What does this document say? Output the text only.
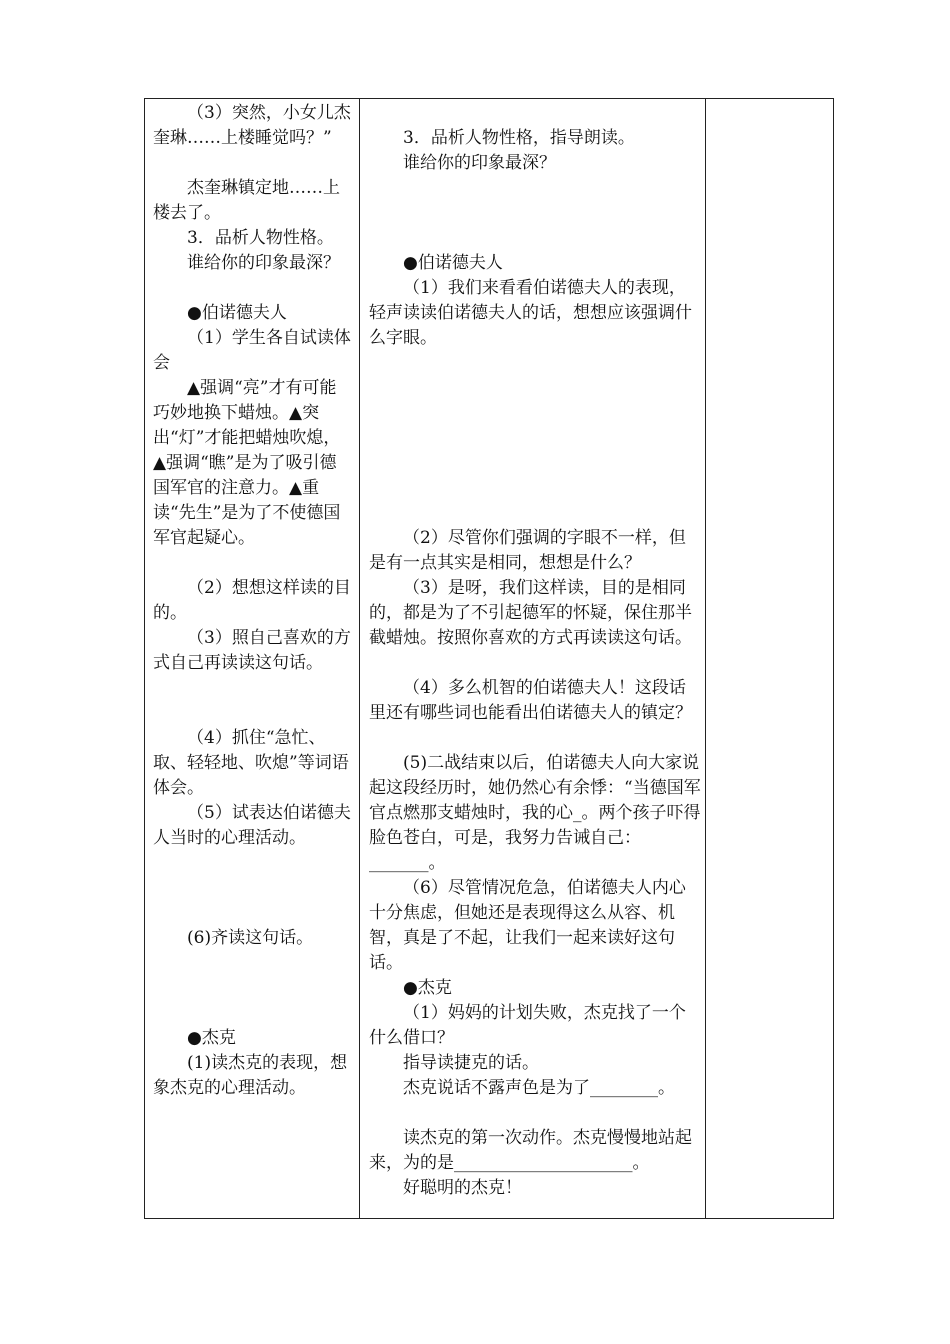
（3）突然，小女儿杰奎琳……上楼睡觉吗？”

杰奎琳镇定地……上楼去了。

3．品析人物性格。

谁给你的印象最深？

●伯诺德夫人

（1）学生各自试读体会

▲强调“亮”才有可能巧妙地换下蜡烛。▲突出“灯”才能把蜡烛吹熄，▲强调“瞧”是为了吸引德国军官的注意力。▲重读“先生”是为了不使德国军官起疑心。

（2）想想这样读的目的。

（3）照自己喜欢的方式自己再读读这句话。

（4）抓住“急忙、取、轻轻地、吹熄”等词语体会。

（5）试表达伯诺德夫人当时的心理活动。

(6)齐读这句话。

●杰克

(1)读杰克的表现，想象杰克的心理活动。

3．品析人物性格，指导朗读。

谁给你的印象最深？

●伯诺德夫人

（1）我们来看看伯诺德夫人的表现，轻声读读伯诺德夫人的话，想想应该强调什么字眼。

（2）尽管你们强调的字眼不一样，但是有一点其实是相同，想想是什么？

（3）是呀，我们这样读，目的是相同的，都是为了不引起德军的怀疑，保住那半截蜡烛。按照你喜欢的方式再读读这句话。

（4）多么机智的伯诺德夫人！这段话里还有哪些词也能看出伯诺德夫人的镇定？

(5)二战结束以后，伯诺德夫人向大家说起这段经历时，她仍然心有余悸：“当德国军官点燃那支蜡烛时，我的心_。两个孩子吓得脸色苍白，可是，我努力告诫自己：_______。

（6）尽管情况危急，伯诺德夫人内心十分焦虑，但她还是表现得这么从容、机智，真是了不起，让我们一起来读好这句话。

●杰克

（1）妈妈的计划失败，杰克找了一个什么借口？

指导读捷克的话。

杰克说话不露声色是为了________。

读杰克的第一次动作。杰克慢慢地站起来，为的是_____________________。

好聪明的杰克！
